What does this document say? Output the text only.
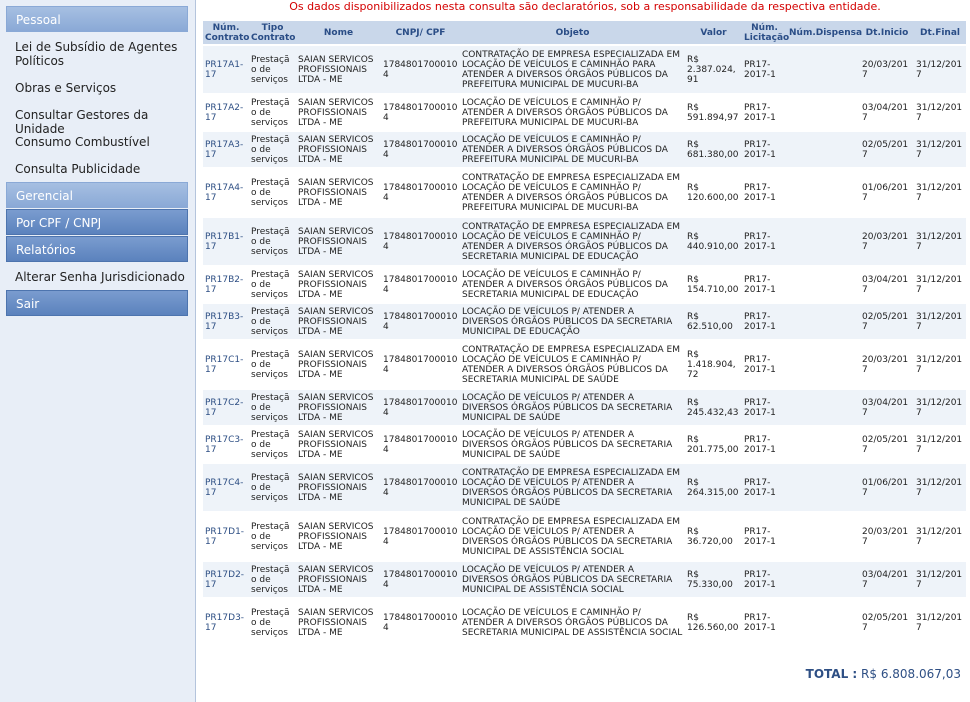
Pessoal
Lei de Subsídio de Agentes Políticos
Obras e Serviços
Consultar Gestores da Unidade
Consumo Combustível
Consulta Publicidade
Gerencial
Por CPF / CNPJ
Relatórios
Alterar Senha Jurisdicionado
Sair
Os dados disponibilizados nesta consulta são declaratórios, sob a responsabilidade da respectiva entidade.
Núm. Contrato	Tipo Contrato	Nome	CNPJ/ CPF	Objeto	Valor	Núm. Licitação	Núm.Dispensa	Dt.Inicio	Dt.Final
PR17A1-17	Prestação de serviços	SAIAN SERVICOS PROFISSIONAIS LTDA - ME	17848017000104	CONTRATAÇÃO DE EMPRESA ESPECIALIZADA EM LOCAÇÃO DE VEÍCULOS E CAMINHÃO PARA ATENDER A DIVERSOS ÓRGÃOS PÚBLICOS DA PREFEITURA MUNICIPAL DE MUCURI-BA	R$ 2.387.024,91	PR17-2017-1		20/03/2017	31/12/2017
PR17A2-17	Prestação de serviços	SAIAN SERVICOS PROFISSIONAIS LTDA - ME	17848017000104	LOCAÇÃO DE VEÍCULOS E CAMINHÃO P/ ATENDER A DIVERSOS ÓRGÃOS PÚBLICOS DA PREFEITURA MUNICIPAL DE MUCURI-BA	R$ 591.894,97	PR17-2017-1		03/04/2017	31/12/2017
PR17A3-17	Prestação de serviços	SAIAN SERVICOS PROFISSIONAIS LTDA - ME	17848017000104	LOCAÇÃO DE VEÍCULOS E CAMINHÃO P/ ATENDER A DIVERSOS ÓRGÃOS PÚBLICOS DA PREFEITURA MUNICIPAL DE MUCURI-BA	R$ 681.380,00	PR17-2017-1		02/05/2017	31/12/2017
PR17A4-17	Prestação de serviços	SAIAN SERVICOS PROFISSIONAIS LTDA - ME	17848017000104	CONTRATAÇÃO DE EMPRESA ESPECIALIZADA EM LOCAÇÃO DE VEÍCULOS E CAMINHÃO P/ ATENDER A DIVERSOS ÓRGÃOS PÚBLICOS DA PREFEITURA MUNICIPAL DE MUCURI-BA	R$ 120.600,00	PR17-2017-1		01/06/2017	31/12/2017
PR17B1-17	Prestação de serviços	SAIAN SERVICOS PROFISSIONAIS LTDA - ME	17848017000104	CONTRATAÇÃO DE EMPRESA ESPECIALIZADA EM LOCAÇÃO DE VEÍCULOS E CAMINHÃO P/ ATENDER A DIVERSOS ÓRGÃOS PÚBLICOS DA SECRETARIA MUNICIPAL DE EDUCAÇÃO	R$ 440.910,00	PR17-2017-1		20/03/2017	31/12/2017
PR17B2-17	Prestação de serviços	SAIAN SERVICOS PROFISSIONAIS LTDA - ME	17848017000104	LOCAÇÃO DE VEÍCULOS E CAMINHÃO P/ ATENDER A DIVERSOS ÓRGÃOS PÚBLICOS DA SECRETARIA MUNICIPAL DE EDUCAÇÃO	R$ 154.710,00	PR17-2017-1		03/04/2017	31/12/2017
PR17B3-17	Prestação de serviços	SAIAN SERVICOS PROFISSIONAIS LTDA - ME	17848017000104	LOCAÇÃO DE VEÍCULOS P/ ATENDER A DIVERSOS ÓRGÃOS PÚBLICOS DA SECRETARIA MUNICIPAL DE EDUCAÇÃO	R$ 62.510,00	PR17-2017-1		02/05/2017	31/12/2017
PR17C1-17	Prestação de serviços	SAIAN SERVICOS PROFISSIONAIS LTDA - ME	17848017000104	CONTRATAÇÃO DE EMPRESA ESPECIALIZADA EM LOCAÇÃO DE VEÍCULOS E CAMINHÃO P/ ATENDER A DIVERSOS ÓRGÃOS PÚBLICOS DA SECRETARIA MUNICIPAL DE SAÚDE	R$ 1.418.904,72	PR17-2017-1		20/03/2017	31/12/2017
PR17C2-17	Prestação de serviços	SAIAN SERVICOS PROFISSIONAIS LTDA - ME	17848017000104	LOCAÇÃO DE VEÍCULOS P/ ATENDER A DIVERSOS ÓRGÃOS PÚBLICOS DA SECRETARIA MUNICIPAL DE SAÚDE	R$ 245.432,43	PR17-2017-1		03/04/2017	31/12/2017
PR17C3-17	Prestação de serviços	SAIAN SERVICOS PROFISSIONAIS LTDA - ME	17848017000104	LOCAÇÃO DE VEÍCULOS P/ ATENDER A DIVERSOS ÓRGÃOS PÚBLICOS DA SECRETARIA MUNICIPAL DE SAÚDE	R$ 201.775,00	PR17-2017-1		02/05/2017	31/12/2017
PR17C4-17	Prestação de serviços	SAIAN SERVICOS PROFISSIONAIS LTDA - ME	17848017000104	CONTRATAÇÃO DE EMPRESA ESPECIALIZADA EM LOCAÇÃO DE VEÍCULOS P/ ATENDER A DIVERSOS ÓRGÃOS PÚBLICOS DA SECRETARIA MUNICIPAL DE SAÚDE	R$ 264.315,00	PR17-2017-1		01/06/2017	31/12/2017
PR17D1-17	Prestação de serviços	SAIAN SERVICOS PROFISSIONAIS LTDA - ME	17848017000104	CONTRATAÇÃO DE EMPRESA ESPECIALIZADA EM LOCAÇÃO DE VEÍCULOS P/ ATENDER A DIVERSOS ÓRGÃOS PÚBLICOS DA SECRETARIA MUNICIPAL DE ASSISTÊNCIA SOCIAL	R$ 36.720,00	PR17-2017-1		20/03/2017	31/12/2017
PR17D2-17	Prestação de serviços	SAIAN SERVICOS PROFISSIONAIS LTDA - ME	17848017000104	LOCAÇÃO DE VEÍCULOS P/ ATENDER A DIVERSOS ÓRGÃOS PÚBLICOS DA SECRETARIA MUNICIPAL DE ASSISTÊNCIA SOCIAL	R$ 75.330,00	PR17-2017-1		03/04/2017	31/12/2017
PR17D3-17	Prestação de serviços	SAIAN SERVICOS PROFISSIONAIS LTDA - ME	17848017000104	LOCAÇÃO DE VEÍCULOS E CAMINHÃO P/ ATENDER A DIVERSOS ÓRGÃOS PÚBLICOS DA SECRETARIA MUNICIPAL DE ASSISTÊNCIA SOCIAL	R$ 126.560,00	PR17-2017-1		02/05/2017	31/12/2017
TOTAL : R$ 6.808.067,03
